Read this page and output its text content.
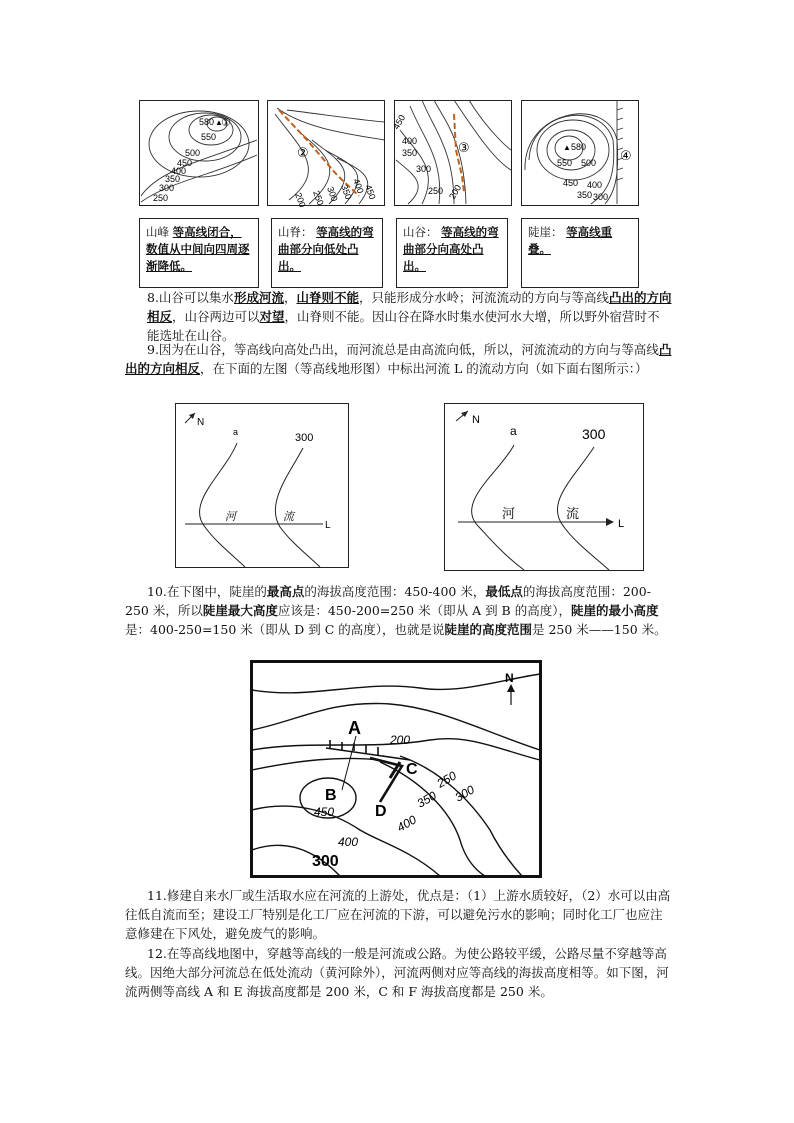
580 ▲
①
550
500
450
400
350
300
250
②
200 250 300 350
400
450
③
450
400
350
300
250 200
▲ 580
550 500
450 400
350 300
④
山峰 等高线闭合，数值从中间向四周逐渐降低。
山脊： 等高线的弯曲部分向低处凸出。
山谷： 等高线的弯曲部分向高处凸出。
陡崖： 等高线重叠。
8.山谷可以集水形成河流，山脊则不能，只能形成分水岭；河流流动的方向与等高线凸出的方向相反，山谷两边可以对望，山脊则不能。因山谷在降水时集水使河水大增，所以野外宿营时不能选址在山谷。
9.因为在山谷，等高线向高处凸出，而河流总是由高流向低，所以，河流流动的方向与等高线凸出的方向相反，在下面的左图（等高线地形图）中标出河流 L 的流动方向（如下面右图所示：）
N
a	300
河	流
L
N
a	300
河	流
L
10.在下图中，陡崖的最高点的海拔高度范围：450-400 米，最低点的海拔高度范围：200-250 米，所以陡崖最大高度应该是：450-200=250 米（即从 A 到 B 的高度），陡崖的最小高度是：400-250=150 米（即从 D 到 C 的高度），也就是说陡崖的高度范围是 250 米——150 米。
N
A
B
C
D
200
250
300
350
400
450
400
300
11.修建自来水厂或生活取水应在河流的上游处，优点是：（1）上游水质较好，（2）水可以由高往低自流而至；建设工厂特别是化工厂应在河流的下游，可以避免污水的影响；同时化工厂也应注意修建在下风处，避免废气的影响。
12.在等高线地图中，穿越等高线的一般是河流或公路。为使公路较平缓，公路尽量不穿越等高线。因绝大部分河流总在低处流动（黄河除外），河流两侧对应等高线的海拔高度相等。如下图，河流两侧等高线 A 和 E 海拔高度都是 200 米，C 和 F 海拔高度都是 250 米。
